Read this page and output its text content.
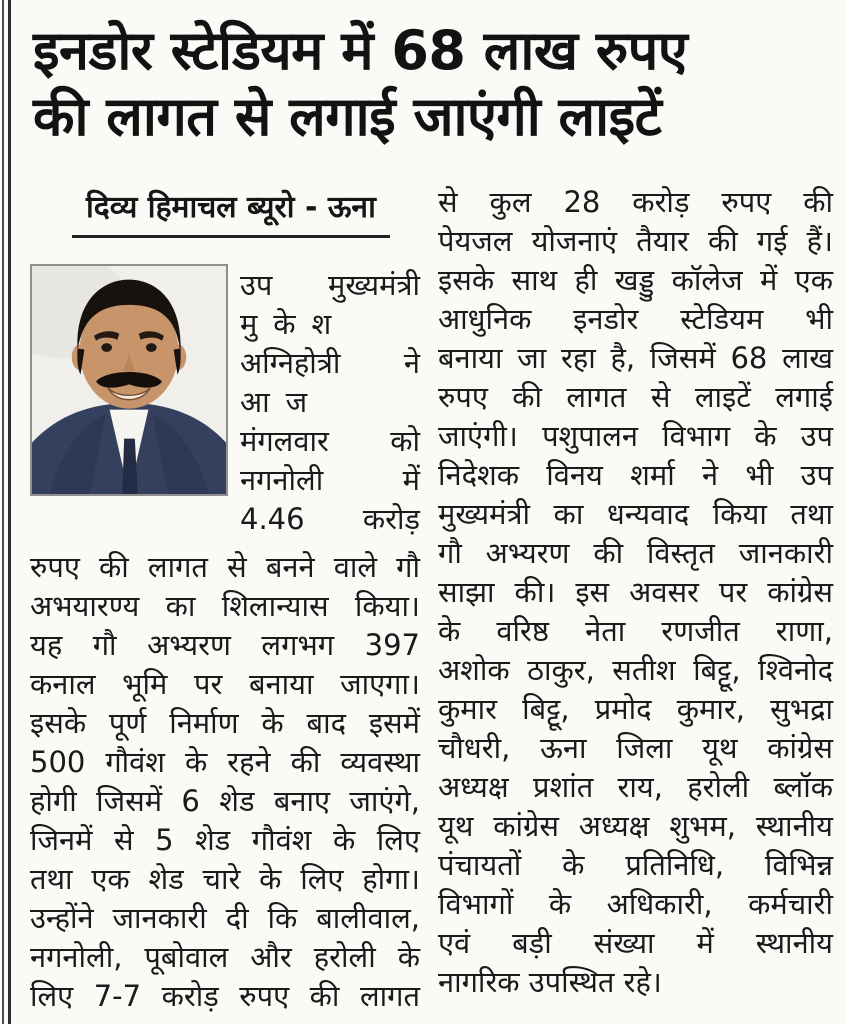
इनडोर स्टेडियम में 68 लाख रुपए
की लागत से लगाई जाएंगी लाइटें
दिव्य हिमाचल ब्यूरो - ऊना
उप मुख्यमंत्री
मुकेश
अग्निहोत्री ने
आज
मंगलवार को
नगनोली में
4.46 करोड़
रुपए की लागत से बनने वाले गौ
अभयारण्य का शिलान्यास किया।
यह गौ अभ्यरण लगभग 397
कनाल भूमि पर बनाया जाएगा।
इसके पूर्ण निर्माण के बाद इसमें
500 गौवंश के रहने की व्यवस्था
होगी जिसमें 6 शेड बनाए जाएंगे,
जिनमें से 5 शेड गौवंश के लिए
तथा एक शेड चारे के लिए होगा।
उन्होंने जानकारी दी कि बालीवाल,
नगनोली, पूबोवाल और हरोली के
लिए 7-7 करोड़ रुपए की लागत
से कुल 28 करोड़ रुपए की
पेयजल योजनाएं तैयार की गई हैं।
इसके साथ ही खड्डु कॉलेज में एक
आधुनिक इनडोर स्टेडियम भी
बनाया जा रहा है, जिसमें 68 लाख
रुपए की लागत से लाइटें लगाई
जाएंगी। पशुपालन विभाग के उप
निदेशक विनय शर्मा ने भी उप
मुख्यमंत्री का धन्यवाद किया तथा
गौ अभ्यरण की विस्तृत जानकारी
साझा की। इस अवसर पर कांग्रेस
के वरिष्ठ नेता रणजीत राणा,
अशोक ठाकुर, सतीश बिट्टू, श्विनोद
कुमार बिट्टू, प्रमोद कुमार, सुभद्रा
चौधरी, ऊना जिला यूथ कांग्रेस
अध्यक्ष प्रशांत राय, हरोली ब्लॉक
यूथ कांग्रेस अध्यक्ष शुभम, स्थानीय
पंचायतों के प्रतिनिधि, विभिन्न
विभागों के अधिकारी, कर्मचारी
एवं बड़ी संख्या में स्थानीय
नागरिक उपस्थित रहे।
